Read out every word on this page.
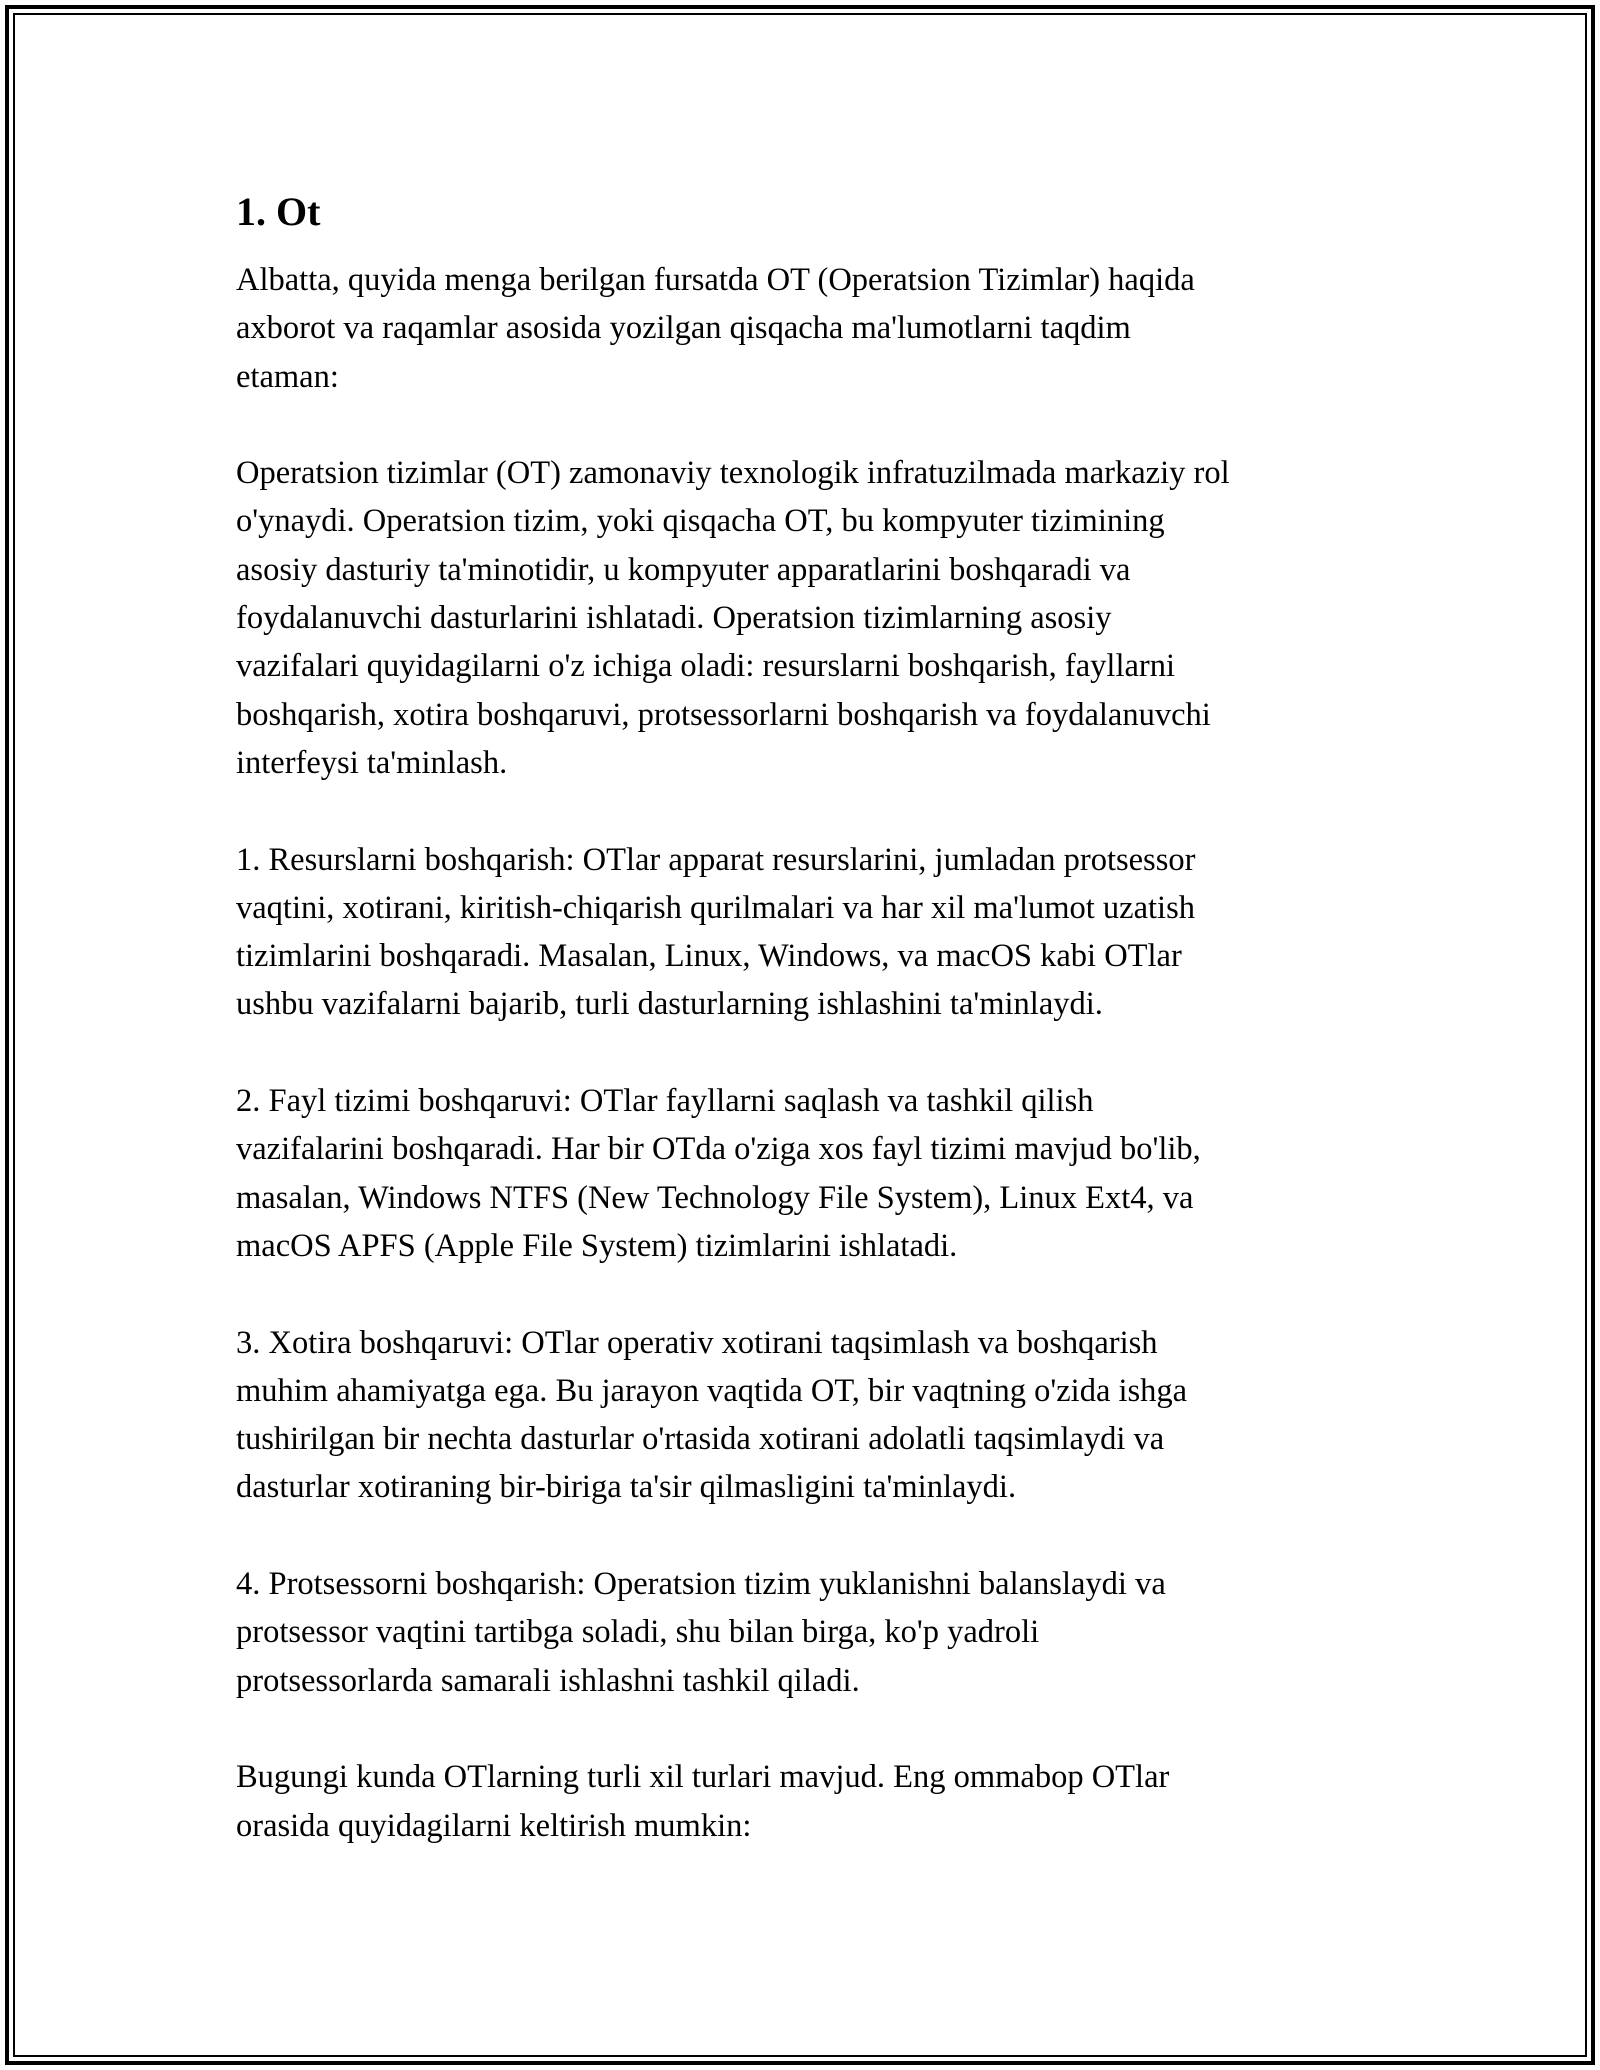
1. Ot

Albatta, quyida menga berilgan fursatda OT (Operatsion Tizimlar) haqida
axborot va raqamlar asosida yozilgan qisqacha ma'lumotlarni taqdim
etaman:

Operatsion tizimlar (OT) zamonaviy texnologik infratuzilmada markaziy rol
o'ynaydi. Operatsion tizim, yoki qisqacha OT, bu kompyuter tizimining
asosiy dasturiy ta'minotidir, u kompyuter apparatlarini boshqaradi va
foydalanuvchi dasturlarini ishlatadi. Operatsion tizimlarning asosiy
vazifalari quyidagilarni o'z ichiga oladi: resurslarni boshqarish, fayllarni
boshqarish, xotira boshqaruvi, protsessorlarni boshqarish va foydalanuvchi
interfeysi ta'minlash.

1. Resurslarni boshqarish: OTlar apparat resurslarini, jumladan protsessor
vaqtini, xotirani, kiritish-chiqarish qurilmalari va har xil ma'lumot uzatish
tizimlarini boshqaradi. Masalan, Linux, Windows, va macOS kabi OTlar
ushbu vazifalarni bajarib, turli dasturlarning ishlashini ta'minlaydi.

2. Fayl tizimi boshqaruvi: OTlar fayllarni saqlash va tashkil qilish
vazifalarini boshqaradi. Har bir OTda o'ziga xos fayl tizimi mavjud bo'lib,
masalan, Windows NTFS (New Technology File System), Linux Ext4, va
macOS APFS (Apple File System) tizimlarini ishlatadi.

3. Xotira boshqaruvi: OTlar operativ xotirani taqsimlash va boshqarish
muhim ahamiyatga ega. Bu jarayon vaqtida OT, bir vaqtning o'zida ishga
tushirilgan bir nechta dasturlar o'rtasida xotirani adolatli taqsimlaydi va
dasturlar xotiraning bir-biriga ta'sir qilmasligini ta'minlaydi.

4. Protsessorni boshqarish: Operatsion tizim yuklanishni balanslaydi va
protsessor vaqtini tartibga soladi, shu bilan birga, ko'p yadroli
protsessorlarda samarali ishlashni tashkil qiladi.

Bugungi kunda OTlarning turli xil turlari mavjud. Eng ommabop OTlar
orasida quyidagilarni keltirish mumkin:
